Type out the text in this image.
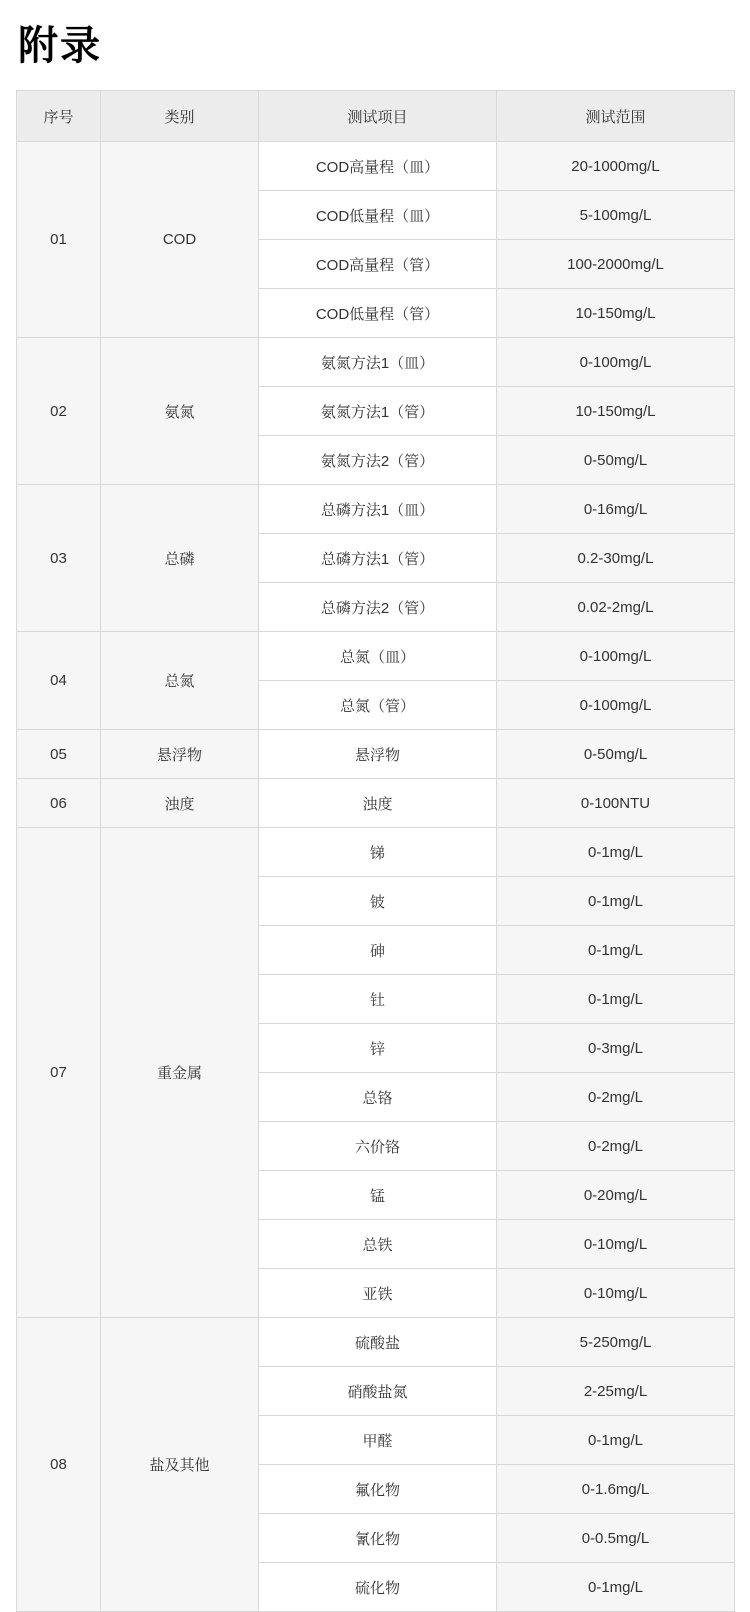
附录
序号	类别	测试项目	测试范围
01	COD	COD高量程（皿）	20-1000mg/L
		COD低量程（皿）	5-100mg/L
		COD高量程（管）	100-2000mg/L
		COD低量程（管）	10-150mg/L
02	氨氮	氨氮方法1（皿）	0-100mg/L
		氨氮方法1（管）	10-150mg/L
		氨氮方法2（管）	0-50mg/L
03	总磷	总磷方法1（皿）	0-16mg/L
		总磷方法1（管）	0.2-30mg/L
		总磷方法2（管）	0.02-2mg/L
04	总氮	总氮（皿）	0-100mg/L
		总氮（管）	0-100mg/L
05	悬浮物	悬浮物	0-50mg/L
06	浊度	浊度	0-100NTU
07	重金属	锑	0-1mg/L
		铍	0-1mg/L
		砷	0-1mg/L
		钍	0-1mg/L
		锌	0-3mg/L
		总铬	0-2mg/L
		六价铬	0-2mg/L
		锰	0-20mg/L
		总铁	0-10mg/L
		亚铁	0-10mg/L
08	盐及其他	硫酸盐	5-250mg/L
		硝酸盐氮	2-25mg/L
		甲醛	0-1mg/L
		氟化物	0-1.6mg/L
		氰化物	0-0.5mg/L
		硫化物	0-1mg/L
